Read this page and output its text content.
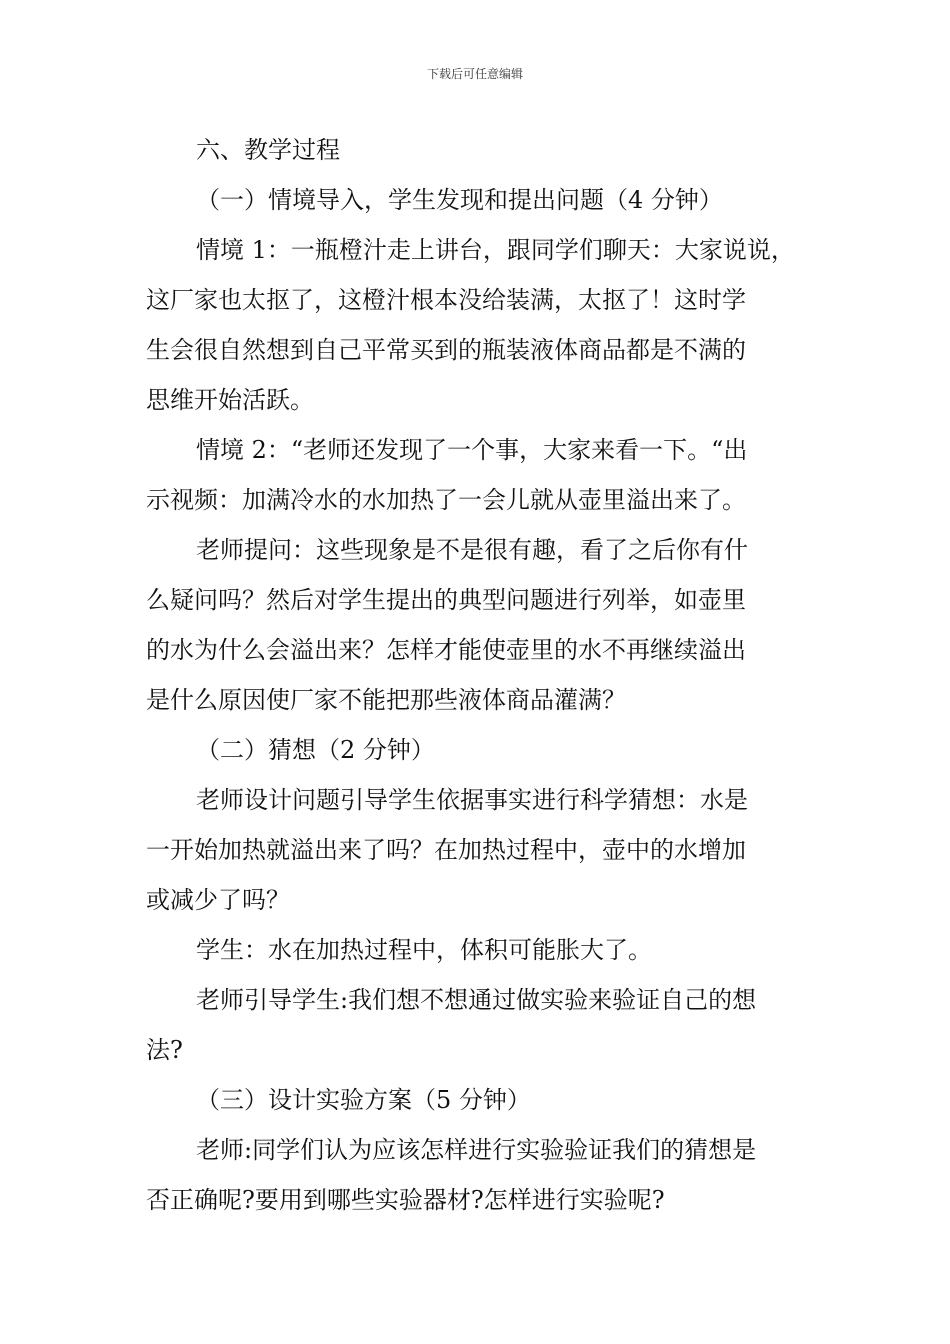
下载后可任意编辑
六、教学过程
（一）情境导入，学生发现和提出问题（4 分钟）
情境 1：一瓶橙汁走上讲台，跟同学们聊天：大家说说，
这厂家也太抠了，这橙汁根本没给装满，太抠了！这时学
生会很自然想到自己平常买到的瓶装液体商品都是不满的
思维开始活跃。
情境 2：“老师还发现了一个事，大家来看一下。“出
示视频：加满冷水的水加热了一会儿就从壶里溢出来了。
老师提问：这些现象是不是很有趣，看了之后你有什
么疑问吗？然后对学生提出的典型问题进行列举，如壶里
的水为什么会溢出来？怎样才能使壶里的水不再继续溢出
是什么原因使厂家不能把那些液体商品灌满？
（二）猜想（2 分钟）
老师设计问题引导学生依据事实进行科学猜想：水是
一开始加热就溢出来了吗？在加热过程中，壶中的水增加
或减少了吗？
学生：水在加热过程中，体积可能胀大了。
老师引导学生:我们想不想通过做实验来验证自己的想
法?
（三）设计实验方案（5 分钟）
老师:同学们认为应该怎样进行实验验证我们的猜想是
否正确呢?要用到哪些实验器材?怎样进行实验呢?
